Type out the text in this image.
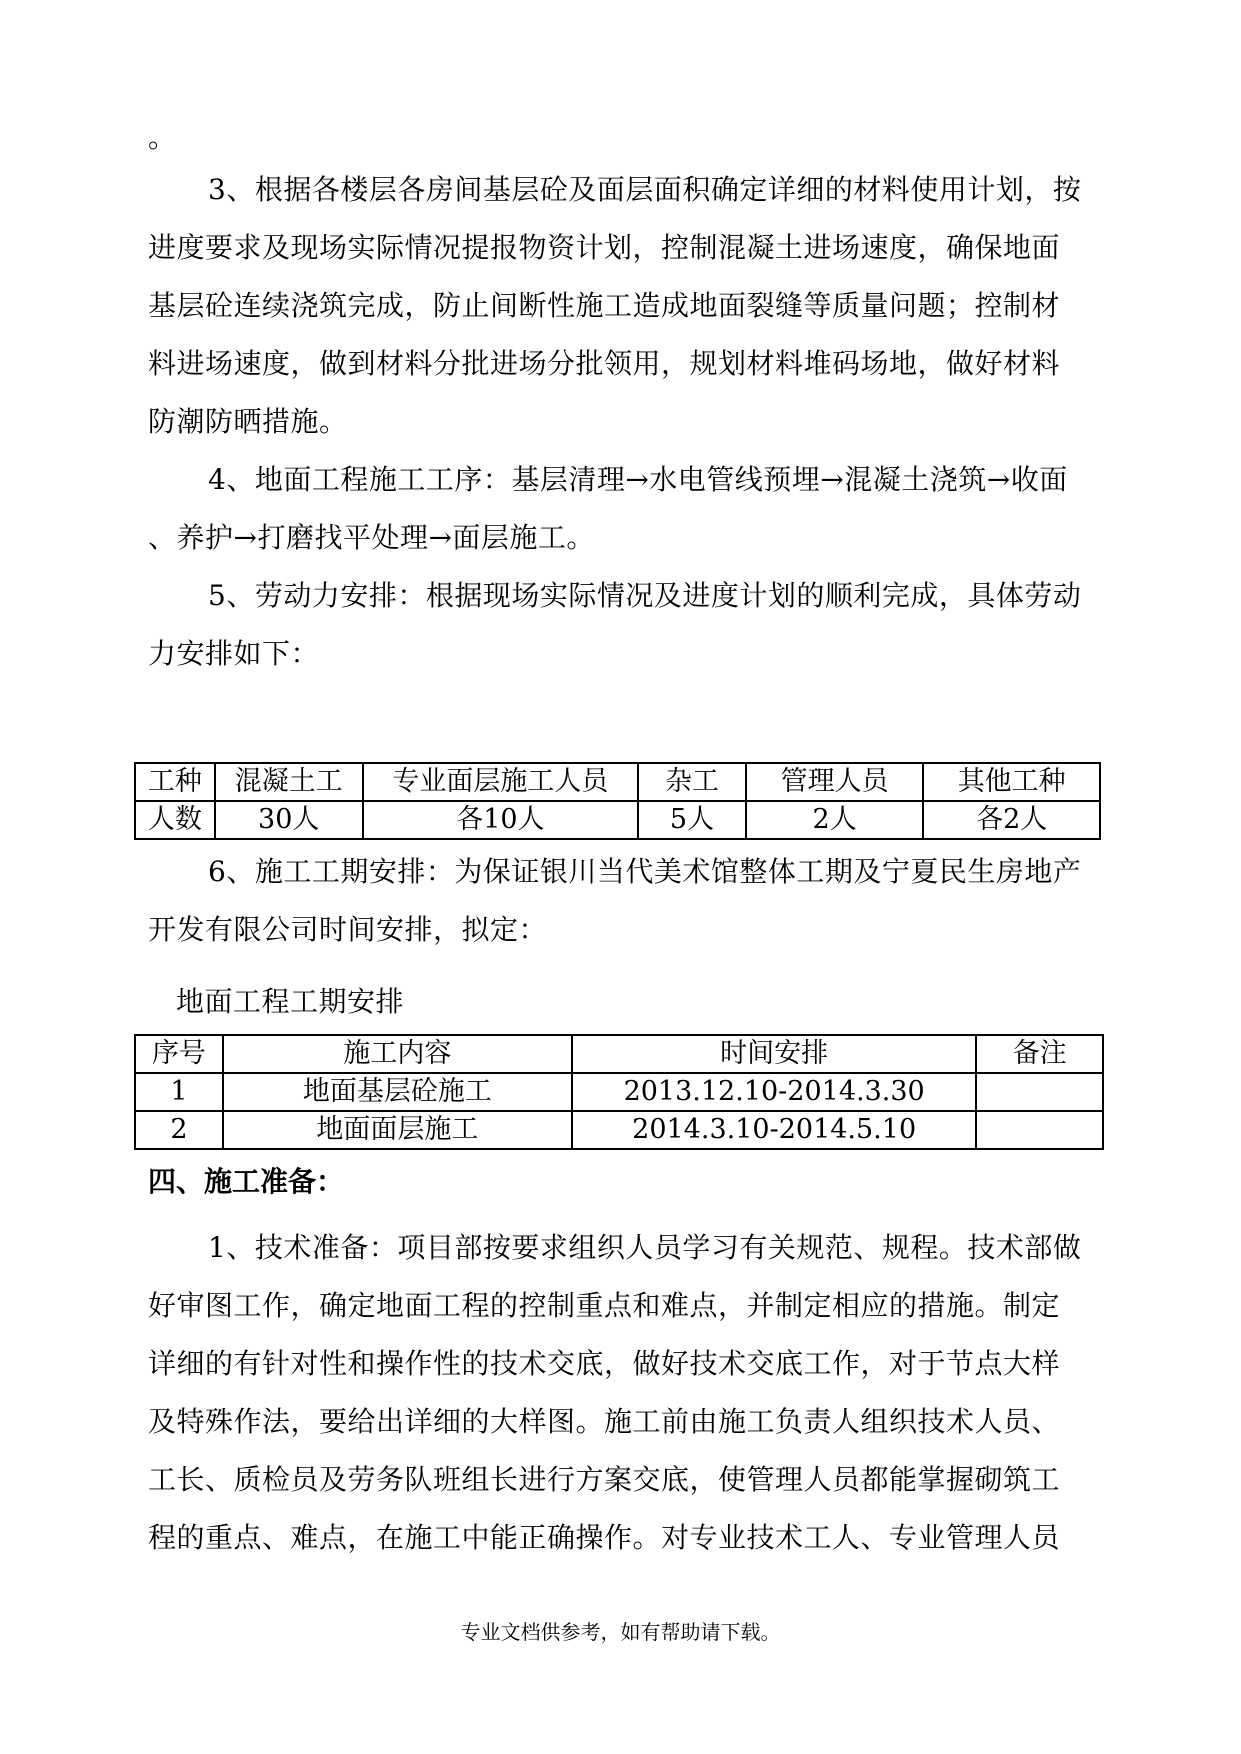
。
3、根据各楼层各房间基层砼及面层面积确定详细的材料使用计划，按
进度要求及现场实际情况提报物资计划，控制混凝土进场速度，确保地面
基层砼连续浇筑完成，防止间断性施工造成地面裂缝等质量问题；控制材
料进场速度，做到材料分批进场分批领用，规划材料堆码场地，做好材料
防潮防晒措施。
4、地面工程施工工序：基层清理→水电管线预埋→混凝土浇筑→收面
、养护→打磨找平处理→面层施工。
5、劳动力安排：根据现场实际情况及进度计划的顺利完成，具体劳动
力安排如下：
工种	混凝土工	专业面层施工人员	杂工	管理人员	其他工种
人数	30人	各10人	5人	2人	各2人
6、施工工期安排：为保证银川当代美术馆整体工期及宁夏民生房地产
开发有限公司时间安排，拟定：
地面工程工期安排
序号	施工内容	时间安排	备注
1	地面基层砼施工	2013.12.10-2014.3.30	
2	地面面层施工	2014.3.10-2014.5.10	
四、施工准备：
1、技术准备：项目部按要求组织人员学习有关规范、规程。技术部做
好审图工作，确定地面工程的控制重点和难点，并制定相应的措施。制定
详细的有针对性和操作性的技术交底，做好技术交底工作，对于节点大样
及特殊作法，要给出详细的大样图。施工前由施工负责人组织技术人员、
工长、质检员及劳务队班组长进行方案交底，使管理人员都能掌握砌筑工
程的重点、难点，在施工中能正确操作。对专业技术工人、专业管理人员
专业文档供参考，如有帮助请下载。
